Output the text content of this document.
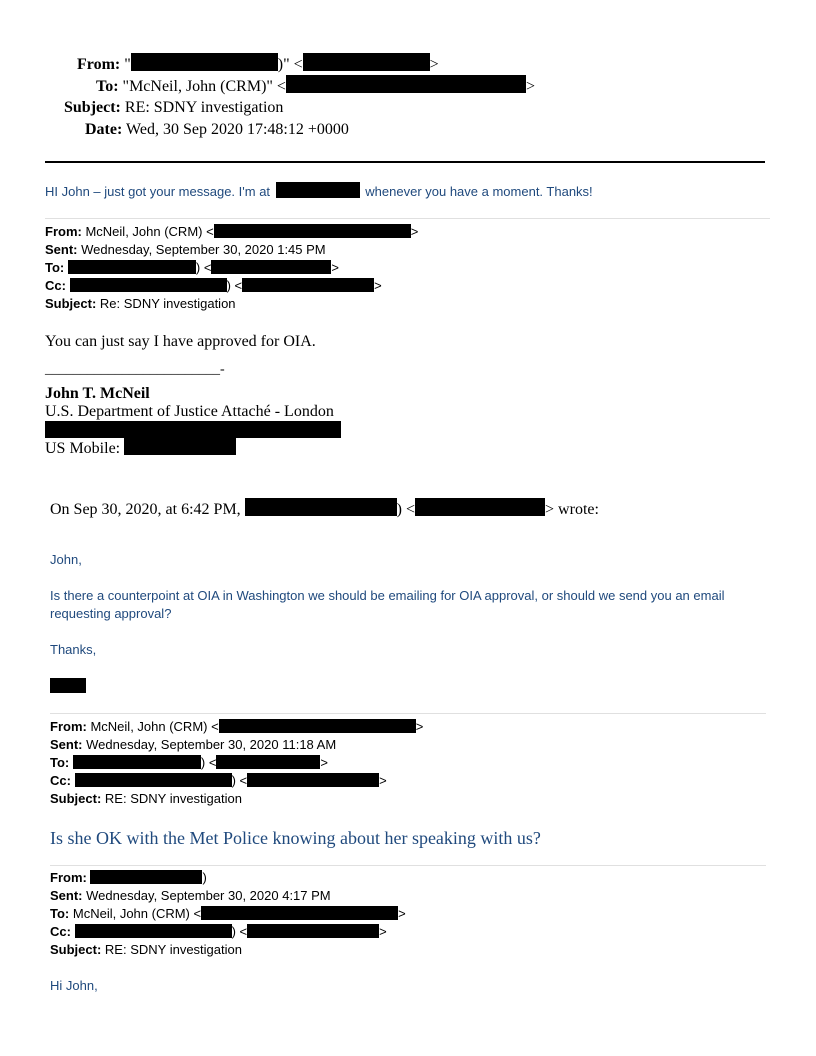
From: "	)" <	>
To: "McNeil, John (CRM)" <	>
Subject: RE: SDNY investigation
Date: Wed, 30 Sep 2020 17:48:12 +0000
HI John – just got your message. I'm at	whenever you have a moment. Thanks!
From: McNeil, John (CRM) <	>
Sent: Wednesday, September 30, 2020 1:45 PM
To:	) <	>
Cc:	) <	>
Subject: Re: SDNY investigation
You can just say I have approved for OIA.
_________________________-
John T. McNeil
U.S. Department of Justice Attaché - London
US Mobile:
On Sep 30, 2020, at 6:42 PM,	) <	> wrote:
John,
Is there a counterpoint at OIA in Washington we should be emailing for OIA approval, or should we send you an email
requesting approval?
Thanks,
From: McNeil, John (CRM) <	>
Sent: Wednesday, September 30, 2020 11:18 AM
To:	) <	>
Cc:	) <	>
Subject: RE: SDNY investigation
Is she OK with the Met Police knowing about her speaking with us?
From:	)
Sent: Wednesday, September 30, 2020 4:17 PM
To: McNeil, John (CRM) <	>
Cc:	) <	>
Subject: RE: SDNY investigation
Hi John,
